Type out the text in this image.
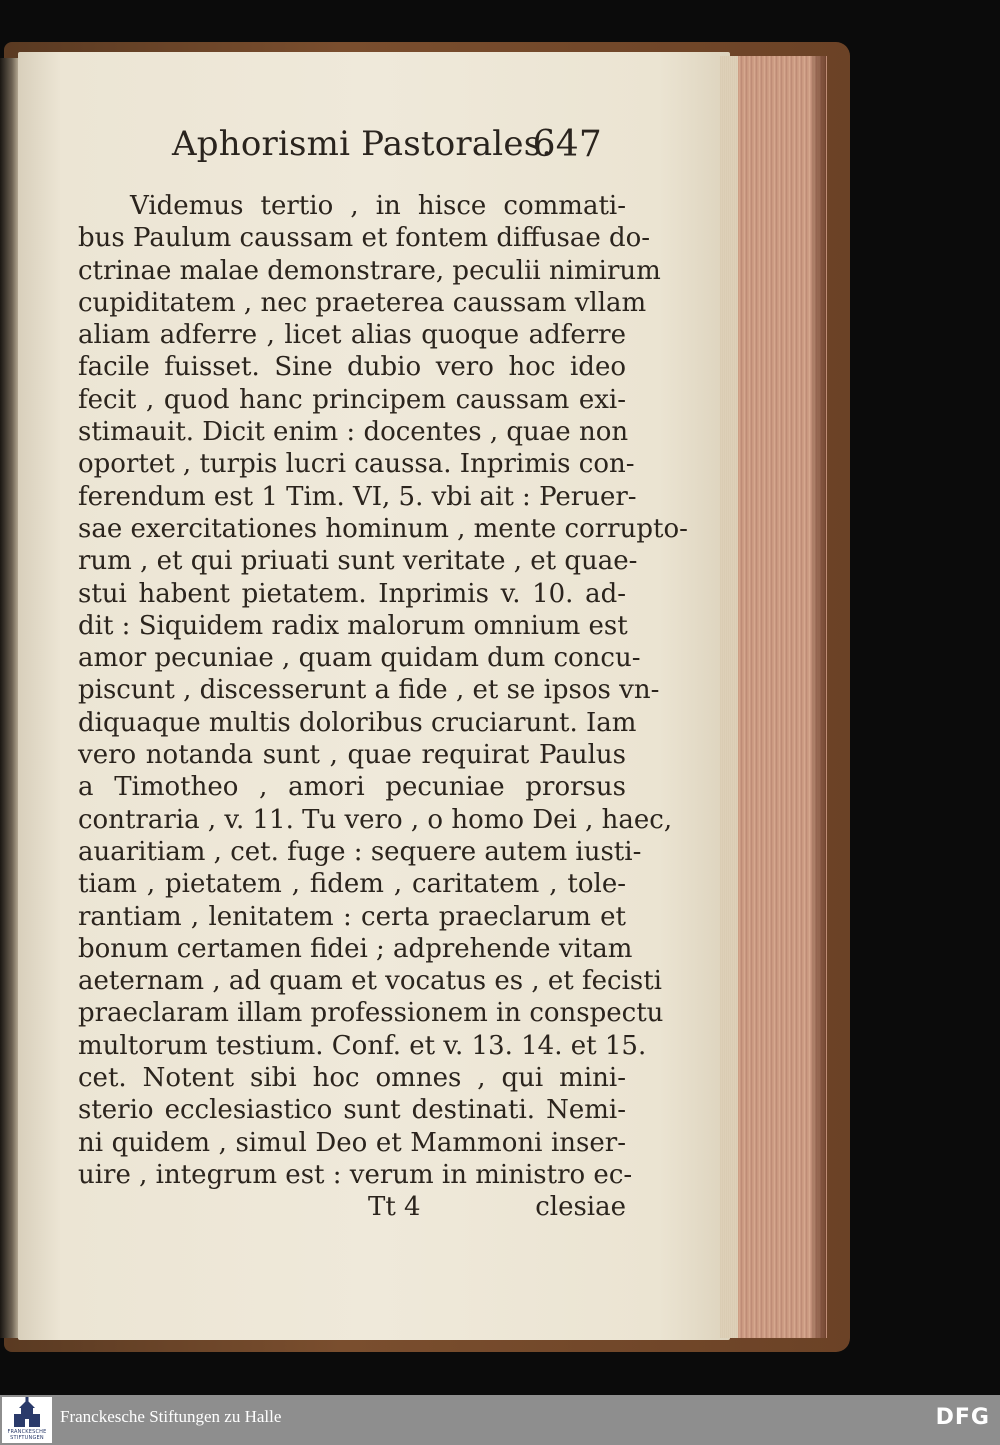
Aphorismi Pastorales.
647
Videmus tertio , in hisce commati-
bus Paulum caussam et fontem diffusae do-
ctrinae malae demonstrare, peculii nimirum
cupiditatem , nec praeterea caussam vllam
aliam adferre , licet alias quoque adferre
facile fuisset. Sine dubio vero hoc ideo
fecit , quod hanc principem caussam exi-
stimauit. Dicit enim : docentes , quae non
oportet , turpis lucri caussa. Inprimis con-
ferendum est 1 Tim. VI, 5. vbi ait : Peruer-
sae exercitationes hominum , mente corrupto-
rum , et qui priuati sunt veritate , et quae-
stui habent pietatem. Inprimis v. 10. ad-
dit : Siquidem radix malorum omnium est
amor pecuniae , quam quidam dum concu-
piscunt , discesserunt a fide , et se ipsos vn-
diquaque multis doloribus cruciarunt. Iam
vero notanda sunt , quae requirat Paulus
a Timotheo , amori pecuniae prorsus
contraria , v. 11. Tu vero , o homo Dei , haec,
auaritiam , cet. fuge : sequere autem iusti-
tiam , pietatem , fidem , caritatem , tole-
rantiam , lenitatem : certa praeclarum et
bonum certamen fidei ; adprehende vitam
aeternam , ad quam et vocatus es , et fecisti
praeclaram illam professionem in conspectu
multorum testium. Conf. et v. 13. 14. et 15.
cet. Notent sibi hoc omnes , qui mini-
sterio ecclesiastico sunt destinati. Nemi-
ni quidem , simul Deo et Mammoni inser-
uire , integrum est : verum in ministro ec-
Tt 4	clesiae
FRANCKESCHE STIFTUNGEN
Franckesche Stiftungen zu Halle	DFG
